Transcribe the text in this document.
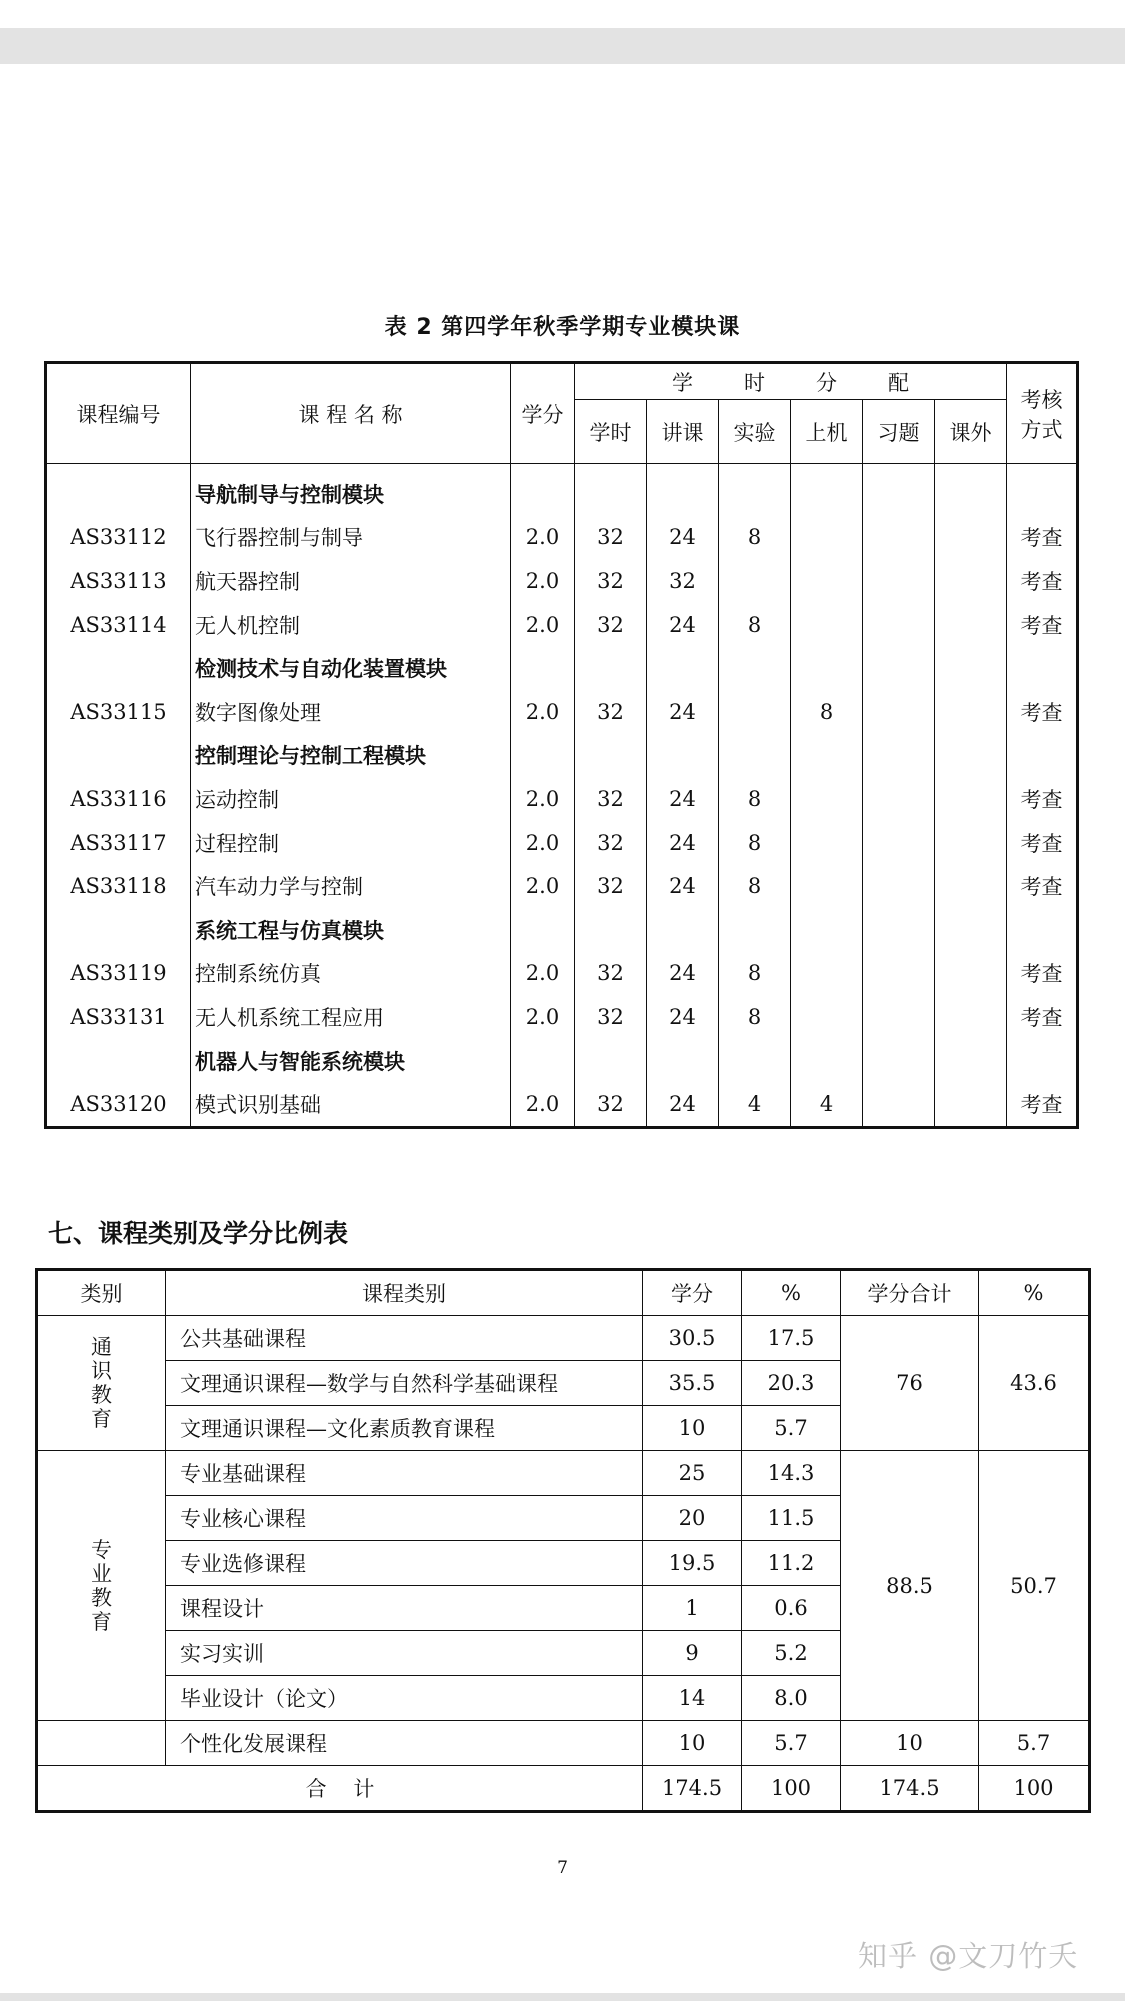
表 2 第四学年秋季学期专业模块课
课程编号	课 程 名 称	学分	学 时 分 配						考核
方式

			学时	讲课	实验	上机	习题	课外	
	导航制导与控制模块								
AS33112	飞行器控制与制导	2.0	32	24	8				考查
AS33113	航天器控制	2.0	32	32					考查
AS33114	无人机控制	2.0	32	24	8				考查
	检测技术与自动化装置模块								
AS33115	数字图像处理	2.0	32	24		8			考查
	控制理论与控制工程模块								
AS33116	运动控制	2.0	32	24	8				考查
AS33117	过程控制	2.0	32	24	8				考查
AS33118	汽车动力学与控制	2.0	32	24	8				考查
	系统工程与仿真模块								
AS33119	控制系统仿真	2.0	32	24	8				考查
AS33131	无人机系统工程应用	2.0	32	24	8				考查
	机器人与智能系统模块								
AS33120	模式识别基础	2.0	32	24	4	4			考查
七、课程类别及学分比例表
类别	课程类别	学分	%	学分合计	%

通
识
教
育	公共基础课程	30.5	17.5	76	43.6
	文理通识课程—数学与自然科学基础课程	35.5	20.3		
	文理通识课程—文化素质教育课程	10	5.7		

专
业
教
育	专业基础课程	25	14.3	88.5	50.7
	专业核心课程	20	11.5		
	专业选修课程	19.5	11.2		
	课程设计	1	0.6		
	实习实训	9	5.2		
	毕业设计（论文）	14	8.0		
	个性化发展课程	10	5.7	10	5.7
合    计		174.5	100	174.5	100
7
知乎 @文刀竹夭
